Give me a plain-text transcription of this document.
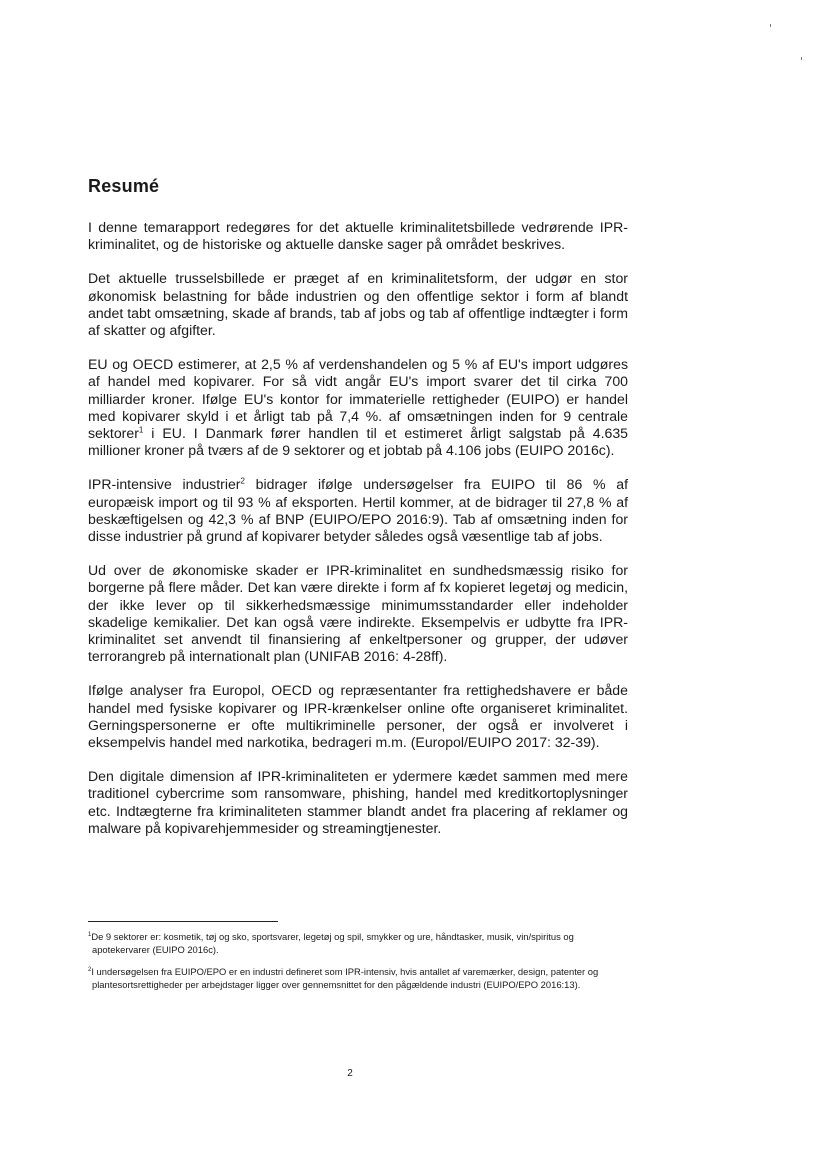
Resumé

I denne temarapport redegøres for det aktuelle kriminalitetsbillede vedrørende IPR-kriminalitet, og de historiske og aktuelle danske sager på området beskrives.

Det aktuelle trusselsbillede er præget af en kriminalitetsform, der udgør en stor økonomisk belastning for både industrien og den offentlige sektor i form af blandt andet tabt omsætning, skade af brands, tab af jobs og tab af offentlige indtægter i form af skatter og afgifter.

EU og OECD estimerer, at 2,5 % af verdenshandelen og 5 % af EU's import udgøres af handel med kopivarer. For så vidt angår EU's import svarer det til cirka 700 milliarder kroner. Ifølge EU's kontor for immaterielle rettigheder (EUIPO) er handel med kopivarer skyld i et årligt tab på 7,4 %. af omsætningen inden for 9 centrale sektorer$^1$ i EU. I Danmark fører handlen til et estimeret årligt salgstab på 4.635 millioner kroner på tværs af de 9 sektorer og et jobtab på 4.106 jobs (EUIPO 2016c).

IPR-intensive industrier$^2$ bidrager ifølge undersøgelser fra EUIPO til 86 % af europæisk import og til 93 % af eksporten. Hertil kommer, at de bidrager til 27,8 % af beskæftigelsen og 42,3 % af BNP (EUIPO/EPO 2016:9). Tab af omsætning inden for disse industrier på grund af kopivarer betyder således også væsentlige tab af jobs.

Ud over de økonomiske skader er IPR-kriminalitet en sundhedsmæssig risiko for borgerne på flere måder. Det kan være direkte i form af fx kopieret legetøj og medicin, der ikke lever op til sikkerhedsmæssige minimumsstandarder eller indeholder skadelige kemikalier. Det kan også være indirekte. Eksempelvis er udbytte fra IPR-kriminalitet set anvendt til finansiering af enkeltpersoner og grupper, der udøver terrorangreb på internationalt plan (UNIFAB 2016: 4-28ff).

Ifølge analyser fra Europol, OECD og repræsentanter fra rettighedshavere er både handel med fysiske kopivarer og IPR-krænkelser online ofte organiseret kriminalitet. Gerningspersonerne er ofte multikriminelle personer, der også er involveret i eksempelvis handel med narkotika, bedrageri m.m. (Europol/EUIPO 2017: 32-39).

Den digitale dimension af IPR-kriminaliteten er ydermere kædet sammen med mere traditionel cybercrime som ransomware, phishing, handel med kreditkortoplysninger etc. Indtægterne fra kriminaliteten stammer blandt andet fra placering af reklamer og malware på kopivarehjemmesider og streamingtjenester.

$^1$De 9 sektorer er: kosmetik, tøj og sko, sportsvarer, legetøj og spil, smykker og ure, håndtasker, musik, vin/spiritus og apotekervarer (EUIPO 2016c).

$^2$I undersøgelsen fra EUIPO/EPO er en industri defineret som IPR-intensiv, hvis antallet af varemærker, design, patenter og plantesortsrettigheder per arbejdstager ligger over gennemsnittet for den pågældende industri (EUIPO/EPO 2016:13).

2
